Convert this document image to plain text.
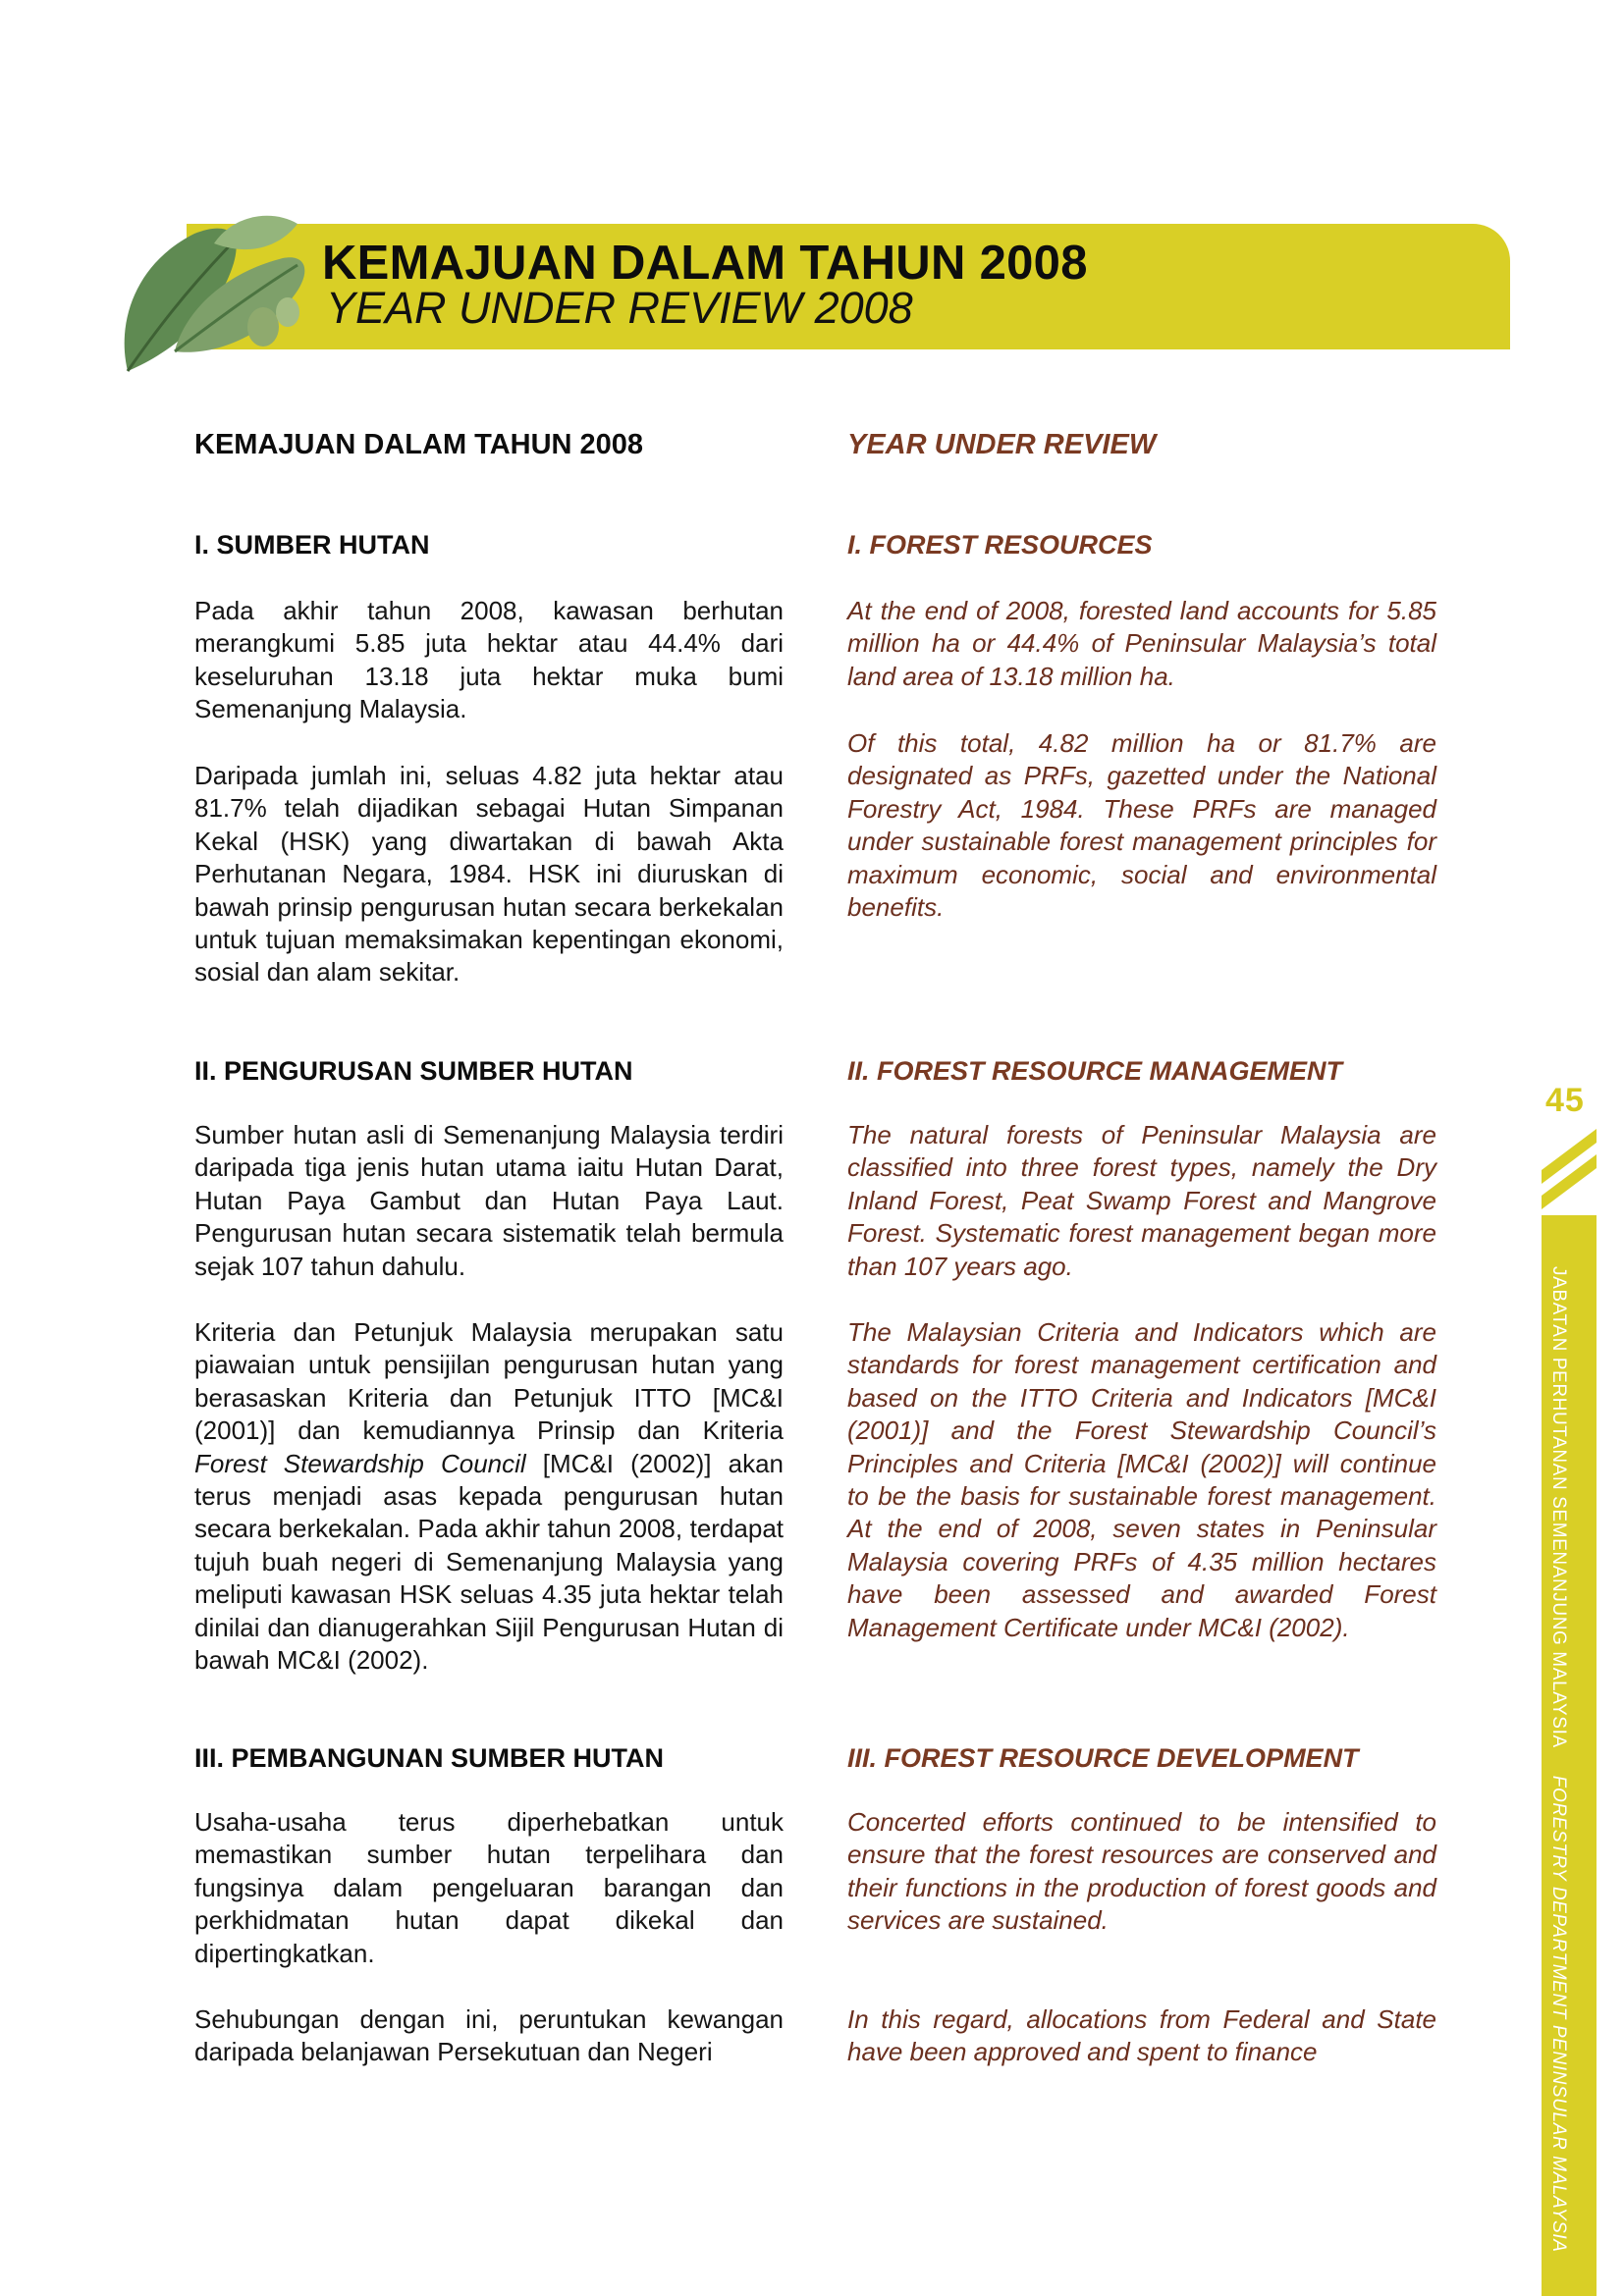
KEMAJUAN DALAM TAHUN 2008
YEAR UNDER REVIEW 2008
KEMAJUAN DALAM TAHUN 2008
I. SUMBER HUTAN

Pada akhir tahun 2008, kawasan berhutan merangkumi 5.85 juta hektar atau 44.4% dari keseluruhan 13.18 juta hektar muka bumi Semenanjung Malaysia.

Daripada jumlah ini, seluas 4.82 juta hektar atau 81.7% telah dijadikan sebagai Hutan Simpanan Kekal (HSK) yang diwartakan di bawah Akta Perhutanan Negara, 1984. HSK ini diuruskan di bawah prinsip pengurusan hutan secara berkekalan untuk tujuan memaksimakan kepentingan ekonomi, sosial dan alam sekitar.

II. PENGURUSAN SUMBER HUTAN

Sumber hutan asli di Semenanjung Malaysia terdiri daripada tiga jenis hutan utama iaitu Hutan Darat, Hutan Paya Gambut dan Hutan Paya Laut. Pengurusan hutan secara sistematik telah bermula sejak 107 tahun dahulu.

Kriteria dan Petunjuk Malaysia merupakan satu piawaian untuk pensijilan pengurusan hutan yang berasaskan Kriteria dan Petunjuk ITTO [MC&I (2001)] dan kemudiannya Prinsip dan Kriteria Forest Stewardship Council [MC&I (2002)] akan terus menjadi asas kepada pengurusan hutan secara berkekalan. Pada akhir tahun 2008, terdapat tujuh buah negeri di Semenanjung Malaysia yang meliputi kawasan HSK seluas 4.35 juta hektar telah dinilai dan dianugerahkan Sijil Pengurusan Hutan di bawah MC&I (2002).

III. PEMBANGUNAN SUMBER HUTAN

Usaha-usaha terus diperhebatkan untuk memastikan sumber hutan terpelihara dan fungsinya dalam pengeluaran barangan dan perkhidmatan hutan dapat dikekal dan dipertingkatkan.

Sehubungan dengan ini, peruntukan kewangan daripada belanjawan Persekutuan dan Negeri

YEAR UNDER REVIEW
I. FOREST RESOURCES

At the end of 2008, forested land accounts for 5.85 million ha or 44.4% of Peninsular Malaysia’s total land area of 13.18 million ha.

Of this total, 4.82 million ha or 81.7% are designated as PRFs, gazetted under the National Forestry Act, 1984. These PRFs are managed under sustainable forest management principles for maximum economic, social and environmental benefits.

II. FOREST RESOURCE MANAGEMENT

The natural forests of Peninsular Malaysia are classified into three forest types, namely the Dry Inland Forest, Peat Swamp Forest and Mangrove Forest. Systematic forest management began more than 107 years ago.

The Malaysian Criteria and Indicators which are standards for forest management certification and based on the ITTO Criteria and Indicators [MC&I (2001)] and the Forest Stewardship Council’s Principles and Criteria [MC&I (2002)] will continue to be the basis for sustainable forest management. At the end of 2008, seven states in Peninsular Malaysia covering PRFs of 4.35 million hectares have been assessed and awarded Forest Management Certificate under MC&I (2002).

III. FOREST RESOURCE DEVELOPMENT

Concerted efforts continued to be intensified to ensure that the forest resources are conserved and their functions in the production of forest goods and services are sustained.

In this regard, allocations from Federal and State have been approved and spent to finance

45
JABATAN PERHUTANAN SEMENANJUNG MALAYSIAFORESTRY DEPARTMENT PENINSULAR MALAYSIA
